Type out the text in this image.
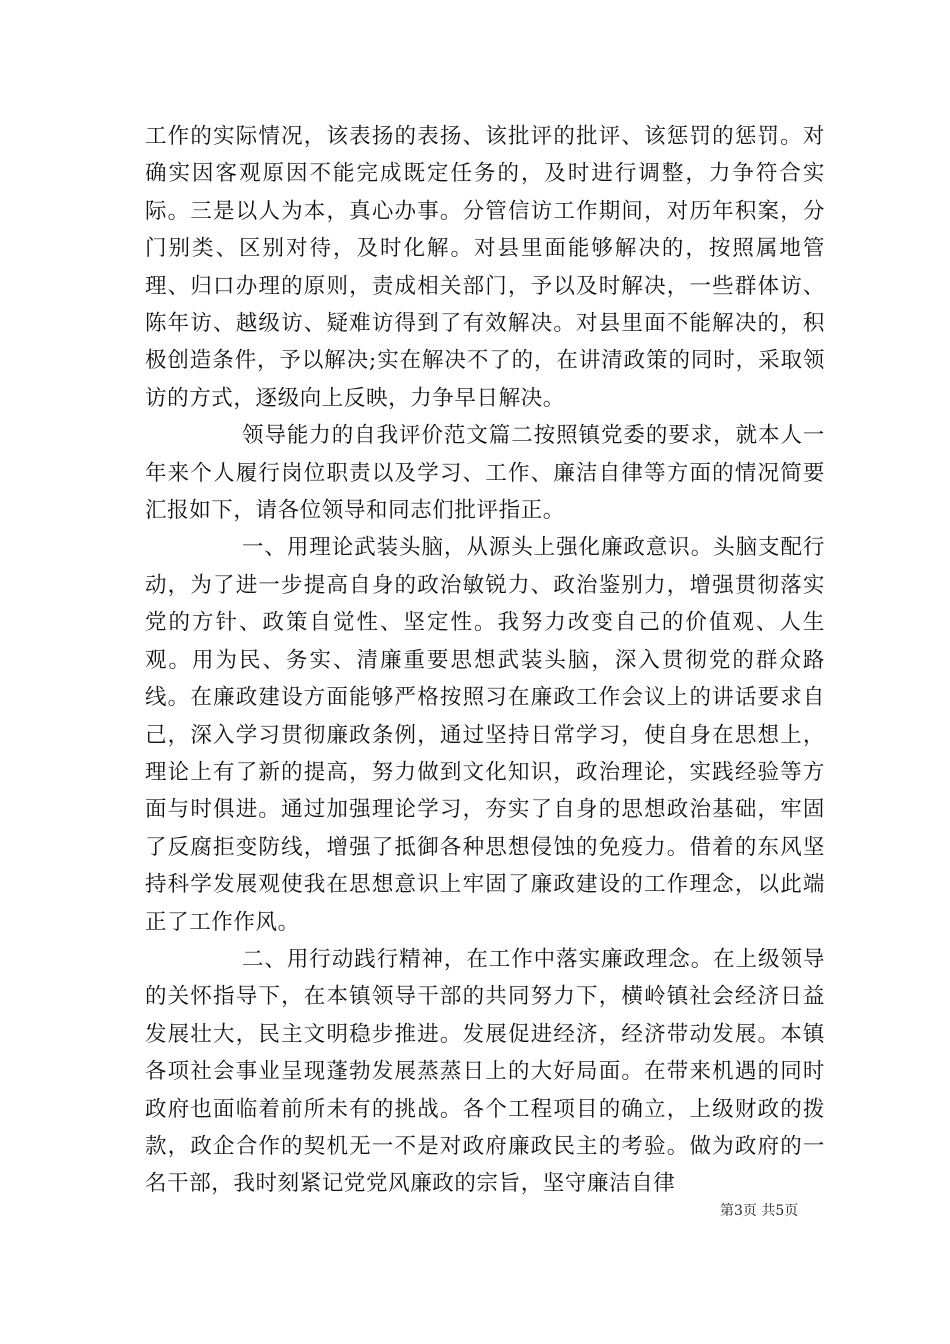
工作的实际情况，该表扬的表扬、该批评的批评、该惩罚的惩罚。对确实因客观原因不能完成既定任务的，及时进行调整，力争符合实际。三是以人为本，真心办事。分管信访工作期间，对历年积案，分门别类、区别对待，及时化解。对县里面能够解决的，按照属地管理、归口办理的原则，责成相关部门，予以及时解决，一些群体访、陈年访、越级访、疑难访得到了有效解决。对县里面不能解决的，积极创造条件，予以解决;实在解决不了的，在讲清政策的同时，采取领访的方式，逐级向上反映，力争早日解决。

领导能力的自我评价范文篇二按照镇党委的要求，就本人一年来个人履行岗位职责以及学习、工作、廉洁自律等方面的情况简要汇报如下，请各位领导和同志们批评指正。

一、用理论武装头脑，从源头上强化廉政意识。头脑支配行动，为了进一步提高自身的政治敏锐力、政治鉴别力，增强贯彻落实党的方针、政策自觉性、坚定性。我努力改变自己的价值观、人生观。用为民、务实、清廉重要思想武装头脑，深入贯彻党的群众路线。在廉政建设方面能够严格按照习在廉政工作会议上的讲话要求自己，深入学习贯彻廉政条例，通过坚持日常学习，使自身在思想上，理论上有了新的提高，努力做到文化知识，政治理论，实践经验等方面与时俱进。通过加强理论学习，夯实了自身的思想政治基础，牢固了反腐拒变防线，增强了抵御各种思想侵蚀的免疫力。借着的东风坚持科学发展观使我在思想意识上牢固了廉政建设的工作理念，以此端正了工作作风。

二、用行动践行精神，在工作中落实廉政理念。在上级领导的关怀指导下，在本镇领导干部的共同努力下，横岭镇社会经济日益发展壮大，民主文明稳步推进。发展促进经济，经济带动发展。本镇各项社会事业呈现蓬勃发展蒸蒸日上的大好局面。在带来机遇的同时政府也面临着前所未有的挑战。各个工程项目的确立，上级财政的拨款，政企合作的契机无一不是对政府廉政民主的考验。做为政府的一名干部，我时刻紧记党党风廉政的宗旨，坚守廉洁自律

第3页 共5页
